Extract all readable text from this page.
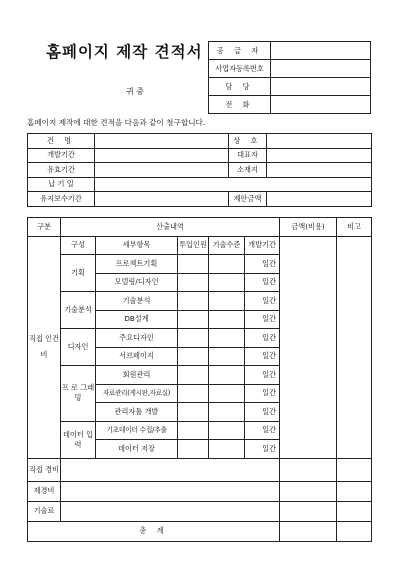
홈페이지 제작 견적서
귀 중
홈페이지 제작에 대한 견적을 다음과 같이 청구합니다.
공 급 자	
사업자등록번호	
담 당	
전 화	
건 명		상 호	
개발기간		대표자	
유효기간		소재지	
납 기 일			
유지보수기간		제안금액	
구분	산출내역					금액(비용)	비고
직접 인건비	구성	세부항목	투입인원	기술수준	개발기간		
	기획	프로젝트기획			일간		
		모델링/디자인			일간		
	기술분석	기술분석			일간		
		DB설계			일간		
	디자인	주요디자인			일간		
		서브페이지			일간		
	프 로 그래밍	회원관리			일간		
		자료관리(게시판,자료실)			일간		
		관리자툴 개발			일간		
	데이터 입 력	기초데이터 수집/추출			일간		
		데이터 저장			일간		
직접 경비							
제경비							
기술료							
총 계							
